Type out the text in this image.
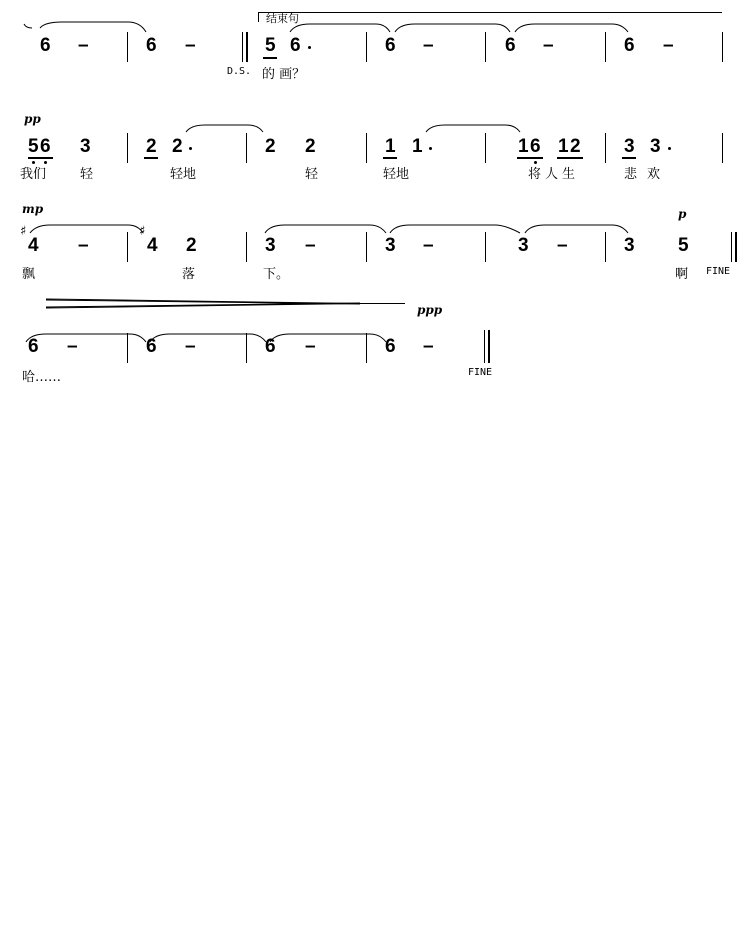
结束句
6 –	6 –
D.S.
5 6	6 –	6 –	6 –
的 画？
pp
5 6 3	2 2	2 2	1 1	1 6 1 2 3 3
我们	轻	轻地	轻	轻地	将人生	悲欢
mp	p
♯
4 –
♯
4 2	3 –	3 –	3 –	3 5
FINE
飘	落	下。	啊
ppp
6 –	6 –	6 –	6 –
FINE
哈……
